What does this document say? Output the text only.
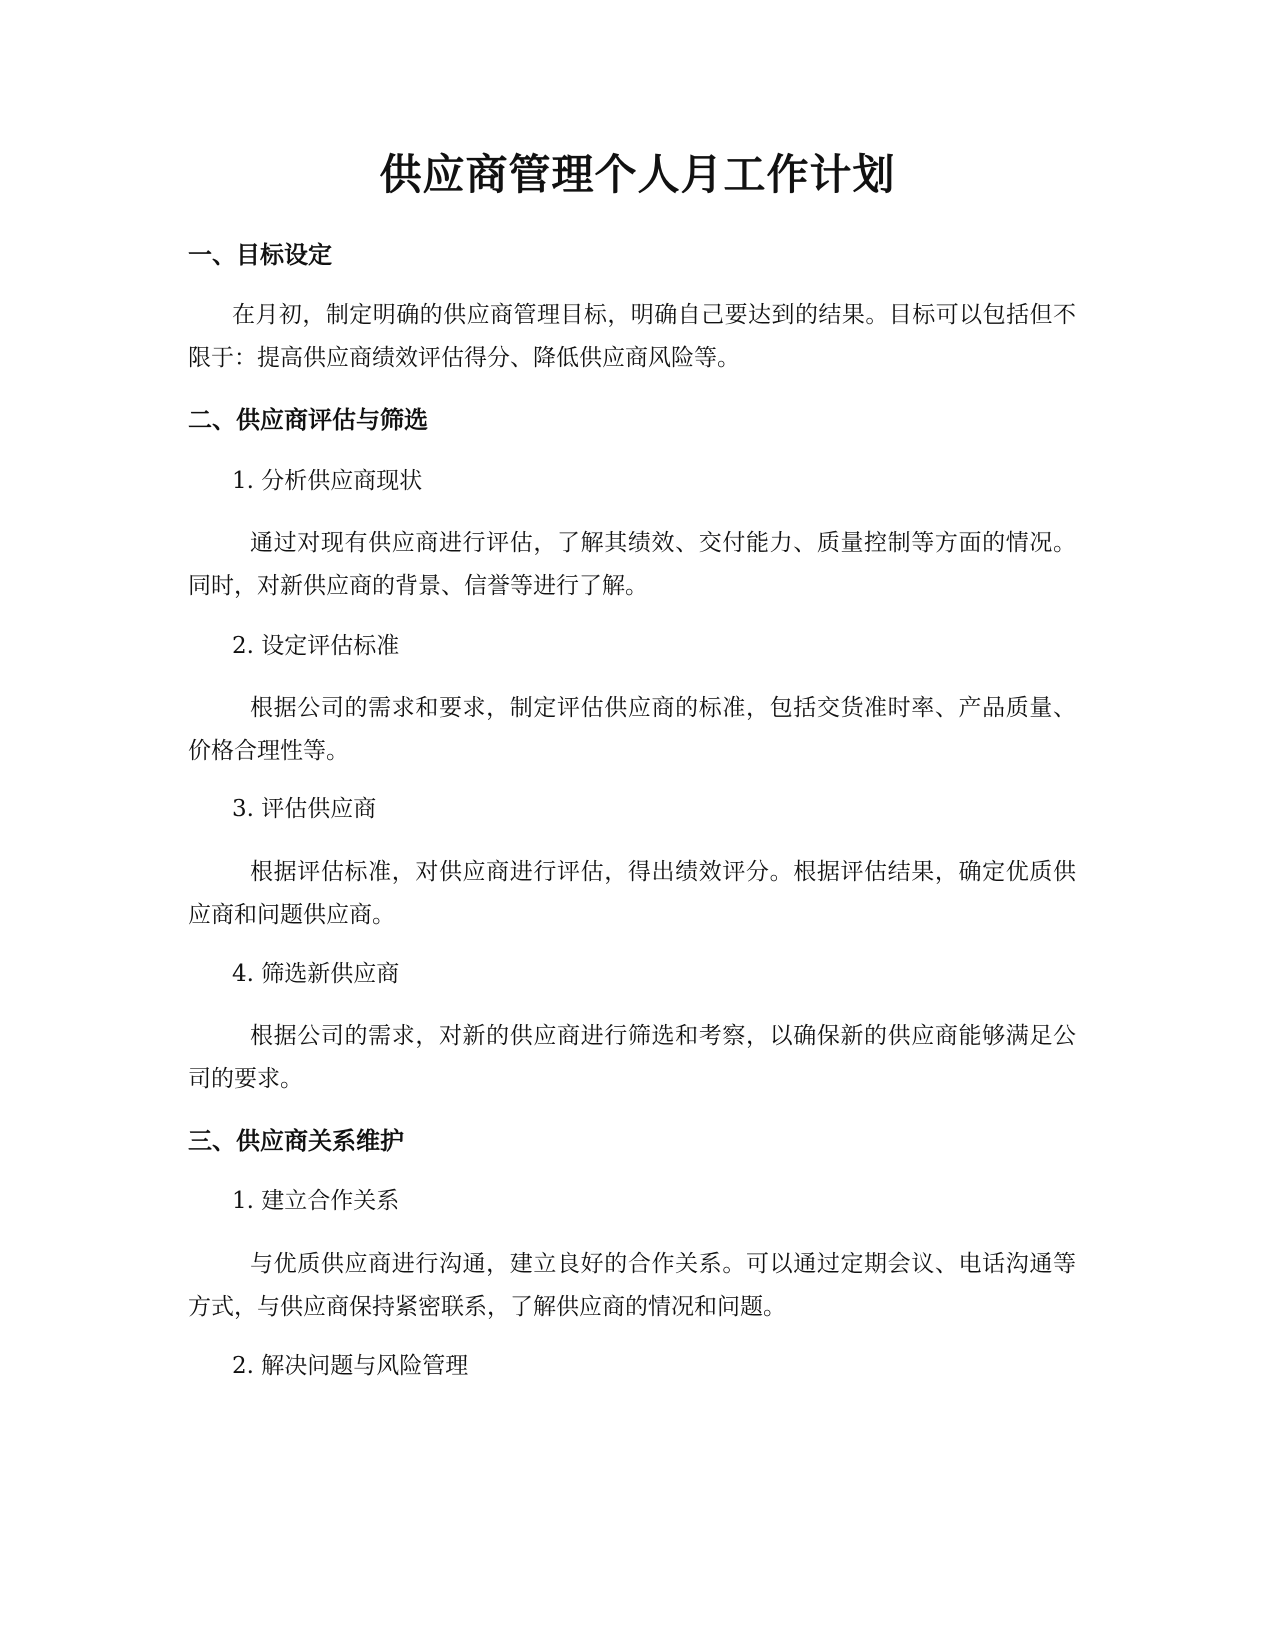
供应商管理个人月工作计划
一、目标设定

在月初，制定明确的供应商管理目标，明确自己要达到的结果。目标可以包括但不限于：提高供应商绩效评估得分、降低供应商风险等。

二、供应商评估与筛选

1. 分析供应商现状

通过对现有供应商进行评估，了解其绩效、交付能力、质量控制等方面的情况。同时，对新供应商的背景、信誉等进行了解。

2. 设定评估标准

根据公司的需求和要求，制定评估供应商的标准，包括交货准时率、产品质量、价格合理性等。

3. 评估供应商

根据评估标准，对供应商进行评估，得出绩效评分。根据评估结果，确定优质供应商和问题供应商。

4. 筛选新供应商

根据公司的需求，对新的供应商进行筛选和考察，以确保新的供应商能够满足公司的要求。

三、供应商关系维护

1. 建立合作关系

与优质供应商进行沟通，建立良好的合作关系。可以通过定期会议、电话沟通等方式，与供应商保持紧密联系，了解供应商的情况和问题。

2. 解决问题与风险管理
